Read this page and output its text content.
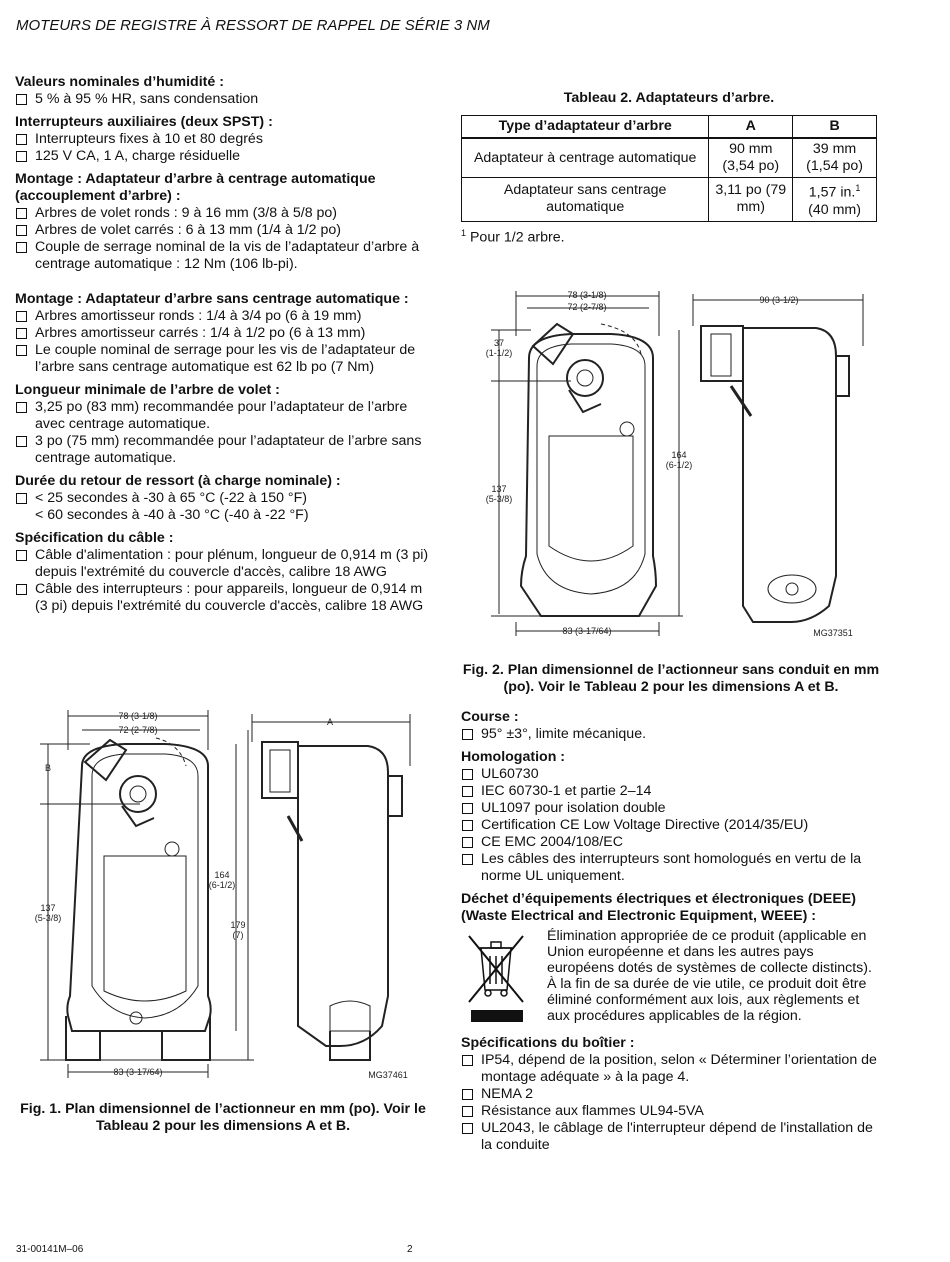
MOTEURS DE REGISTRE À RESSORT DE RAPPEL DE SÉRIE 3 NM
Valeurs nominales d’humidité :
5 % à 95 % HR, sans condensation
Interrupteurs auxiliaires (deux SPST) :
Interrupteurs fixes à 10 et 80 degrés
125 V CA, 1 A, charge résiduelle
Montage : Adaptateur d’arbre à centrage automatique (accouplement d’arbre) :
Arbres de volet ronds : 9 à 16 mm (3/8 à 5/8 po)
Arbres de volet carrés : 6 à 13 mm (1/4 à 1/2 po)
Couple de serrage nominal de la vis de l’adaptateur d’arbre à centrage automatique : 12 Nm (106 lb-pi).
Montage : Adaptateur d’arbre sans centrage automatique :
Arbres amortisseur ronds : 1/4 à 3/4 po (6 à 19 mm)
Arbres amortisseur carrés : 1/4 à 1/2 po (6 à 13 mm)
Le couple nominal de serrage pour les vis de l’adaptateur de l’arbre sans centrage automatique est 62 lb po (7 Nm)
Longueur minimale de l’arbre de volet :
3,25 po (83 mm) recommandée pour l’adaptateur de l’arbre avec centrage automatique.
3 po (75 mm) recommandée pour l’adaptateur de l’arbre sans centrage automatique.
Durée du retour de ressort (à charge nominale) :
< 25 secondes à -30 à 65 °C (-22 à 150 °F)
< 60 secondes à -40 à -30 °C (-40 à -22 °F)
Spécification du câble :
Câble d'alimentation : pour plénum, longueur de 0,914 m (3 pi) depuis l'extrémité du couvercle d'accès, calibre 18 AWG
Câble des interrupteurs : pour appareils, longueur de 0,914 m (3 pi) depuis l'extrémité du couvercle d'accès, calibre 18 AWG
Tableau 2. Adaptateurs d’arbre.
Type d’adaptateur d’arbre	A	B
Adaptateur à centrage automatique	90 mm (3,54 po)	39 mm (1,54 po)
Adaptateur sans centrage automatique	3,11 po (79 mm)	1,57 in.$^1$
(40 mm)
$^1$ Pour 1/2 arbre.
78 (3-1/8)
72 (2-7/8)
90 (3-1/2)
37
(1-1/2)
164
(6-1/2)
137
(5-3/8)
83 (3-17/64)	MG37351
Fig. 2. Plan dimensionnel de l’actionneur sans conduit en mm (po). Voir le Tableau 2 pour les dimensions A et B.
78 (3-1/8)
72 (2-7/8)
A
B
137
(5-3/8)
164
(6-1/2)
179
(7)
83 (3-17/64)	MG37461
Fig. 1. Plan dimensionnel de l’actionneur en mm (po). Voir le Tableau 2 pour les dimensions A et B.
Course :
95° ±3°, limite mécanique.
Homologation :
UL60730
IEC 60730-1 et partie 2–14
UL1097 pour isolation double
Certification CE Low Voltage Directive (2014/35/EU)
CE EMC 2004/108/EC
Les câbles des interrupteurs sont homologués en vertu de la norme UL uniquement.
Déchet d’équipements électriques et électroniques (DEEE) (Waste Electrical and Electronic Equipment, WEEE) :

Élimination appropriée de ce produit (applicable en Union européenne et dans les autres pays européens dotés de systèmes de collecte distincts). À la fin de sa durée de vie utile, ce produit doit être éliminé conformément aux lois, aux règlements et aux procédures applicables de la région.

Spécifications du boîtier :
IP54, dépend de la position, selon « Déterminer l’orientation de montage adéquate » à la page 4.
NEMA 2
Résistance aux flammes UL94-5VA
UL2043, le câblage de l'interrupteur dépend de l'installation de la conduite
31-00141M–06	2
